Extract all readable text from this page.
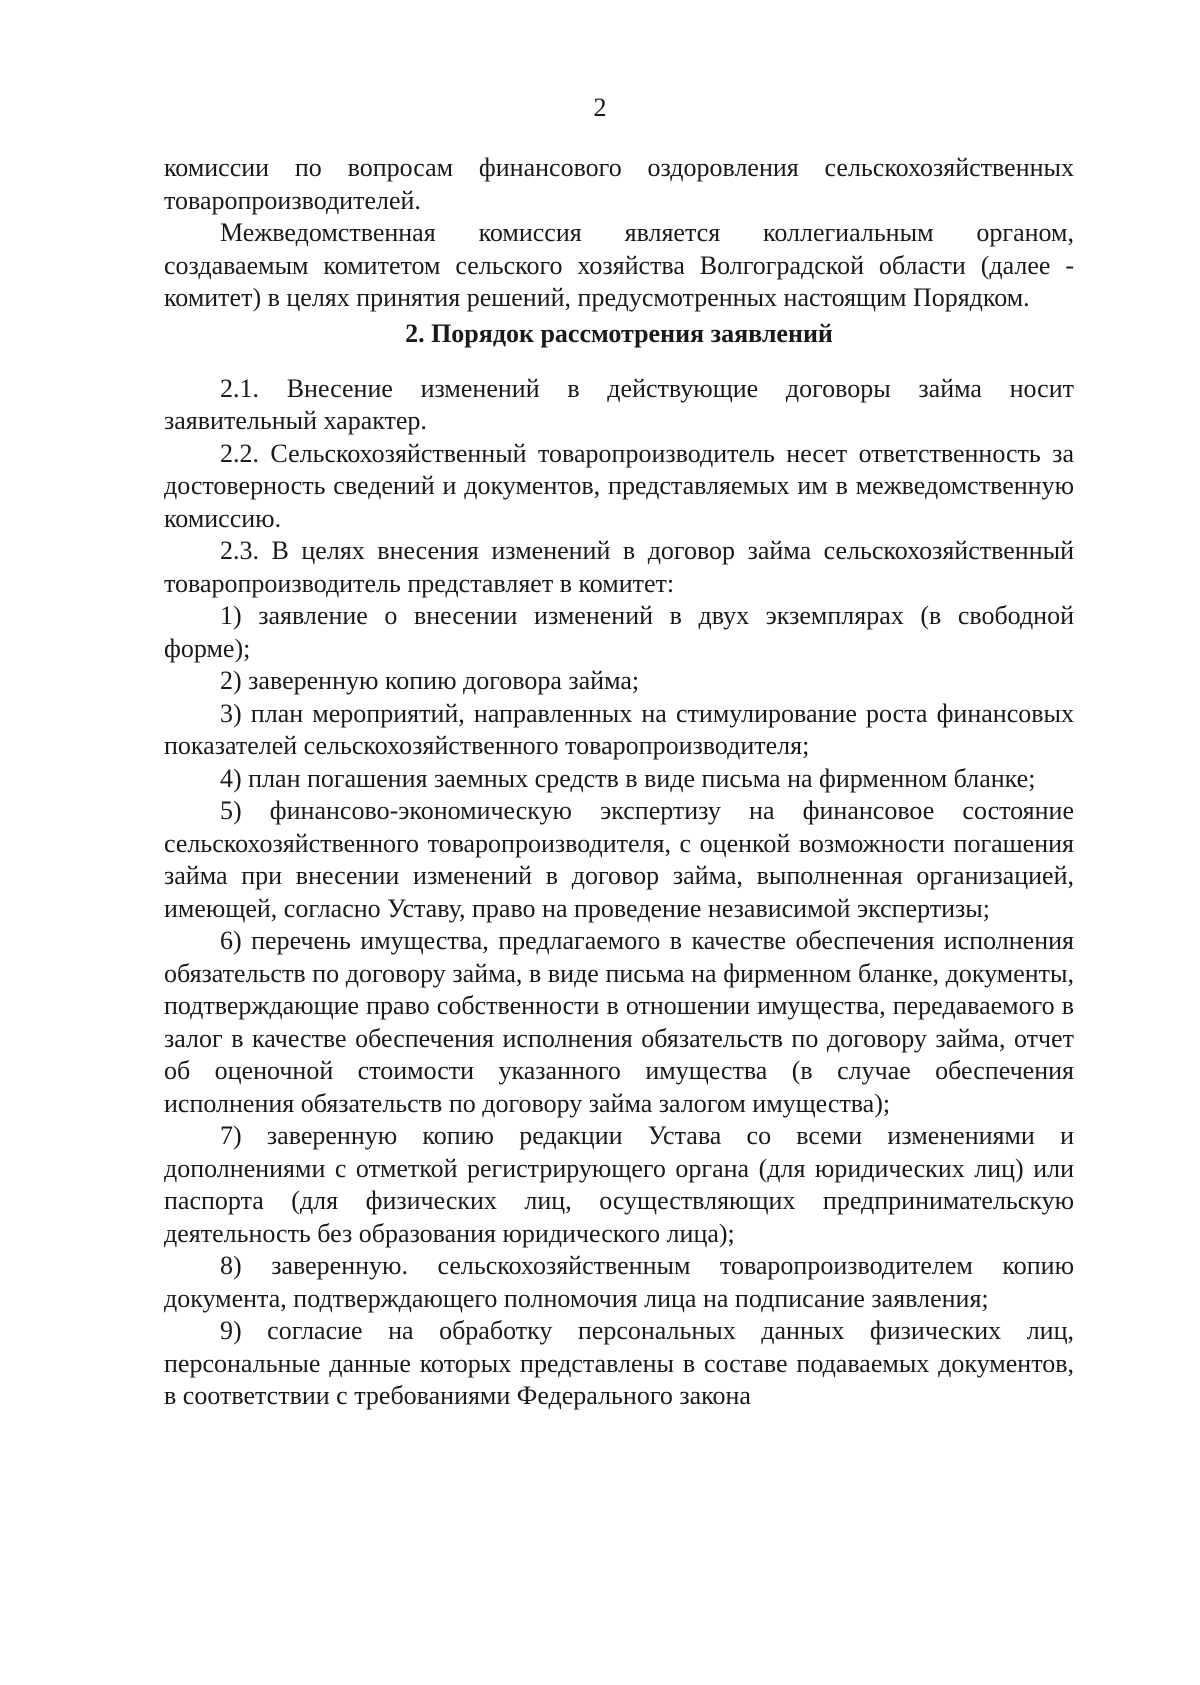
2

комиссии по вопросам финансового оздоровления сельскохозяйственных товаропроизводителей.

Межведомственная комиссия является коллегиальным органом, создаваемым комитетом сельского хозяйства Волгоградской области (далее - комитет) в целях принятия решений, предусмотренных настоящим Порядком.

2. Порядок рассмотрения заявлений

2.1. Внесение изменений в действующие договоры займа носит заявительный характер.

2.2. Сельскохозяйственный товаропроизводитель несет ответственность за достоверность сведений и документов, представляемых им в межведомственную комиссию.

2.3. В целях внесения изменений в договор займа сельскохозяйственный товаропроизводитель представляет в комитет:

1) заявление о внесении изменений в двух экземплярах (в свободной форме);

2) заверенную копию договора займа;

3) план мероприятий, направленных на стимулирование роста финансовых показателей сельскохозяйственного товаропроизводителя;

4) план погашения заемных средств в виде письма на фирменном бланке;

5) финансово-экономическую экспертизу на финансовое состояние сельскохозяйственного товаропроизводителя, с оценкой возможности погашения займа при внесении изменений в договор займа, выполненная организацией, имеющей, согласно Уставу, право на проведение независимой экспертизы;

6) перечень имущества, предлагаемого в качестве обеспечения исполнения обязательств по договору займа, в виде письма на фирменном бланке, документы, подтверждающие право собственности в отношении имущества, передаваемого в залог в качестве обеспечения исполнения обязательств по договору займа, отчет об оценочной стоимости указанного имущества (в случае обеспечения исполнения обязательств по договору займа залогом имущества);

7) заверенную копию редакции Устава со всеми изменениями и дополнениями с отметкой регистрирующего органа (для юридических лиц) или паспорта (для физических лиц, осуществляющих предпринимательскую деятельность без образования юридического лица);

8) заверенную. сельскохозяйственным товаропроизводителем копию документа, подтверждающего полномочия лица на подписание заявления;

9) согласие на обработку персональных данных физических лиц, персональные данные которых представлены в составе подаваемых документов, в соответствии с требованиями Федерального закона
